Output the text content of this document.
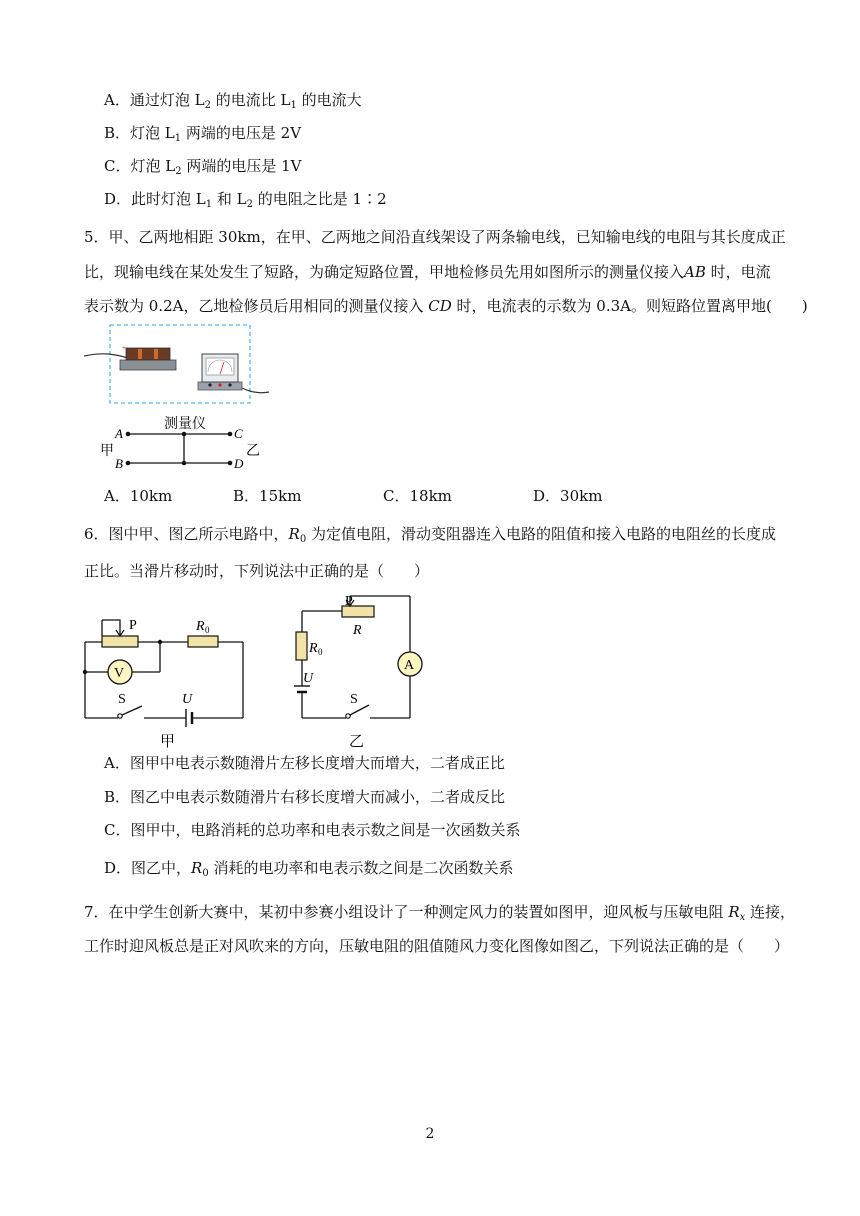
A．通过灯泡 $L_2$ 的电流比 $L_1$ 的电流大
B．灯泡 $L_1$ 两端的电压是 2V
C．灯泡 $L_2$ 两端的电压是 1V
D．此时灯泡 $L_1$ 和 $L_2$ 的电阻之比是 1∶2
5．甲、乙两地相距 30km，在甲、乙两地之间沿直线架设了两条输电线，已知输电线的电阻与其长度成正
比，现输电线在某处发生了短路，为确定短路位置，甲地检修员先用如图所示的测量仪接入AB 时，电流
表示数为 0.2A，乙地检修员后用相同的测量仪接入 CD 时，电流表的示数为 0.3A。则短路位置离甲地(　　)
+
测量仪
A
B
C
D
甲	乙
A．10km	B．15km	C．18km	D．30km
6．图中甲、图乙所示电路中，$R_0$ 为定值电阻，滑动变阻器连入电路的阻值和接入电路的电阻丝的长度成
正比。当滑片移动时，下列说法中正确的是（　　）
P	R 0
V
S	U
甲
P
R
R 0
U
S
A
乙
A．图甲中电表示数随滑片左移长度增大而增大，二者成正比
B．图乙中电表示数随滑片右移长度增大而减小，二者成反比
C．图甲中，电路消耗的总功率和电表示数之间是一次函数关系
D．图乙中，$R_0$ 消耗的电功率和电表示数之间是二次函数关系
7．在中学生创新大赛中，某初中参赛小组设计了一种测定风力的装置如图甲，迎风板与压敏电阻 $R_x$ 连接，
工作时迎风板总是正对风吹来的方向，压敏电阻的阻值随风力变化图像如图乙，下列说法正确的是（　　）
2
